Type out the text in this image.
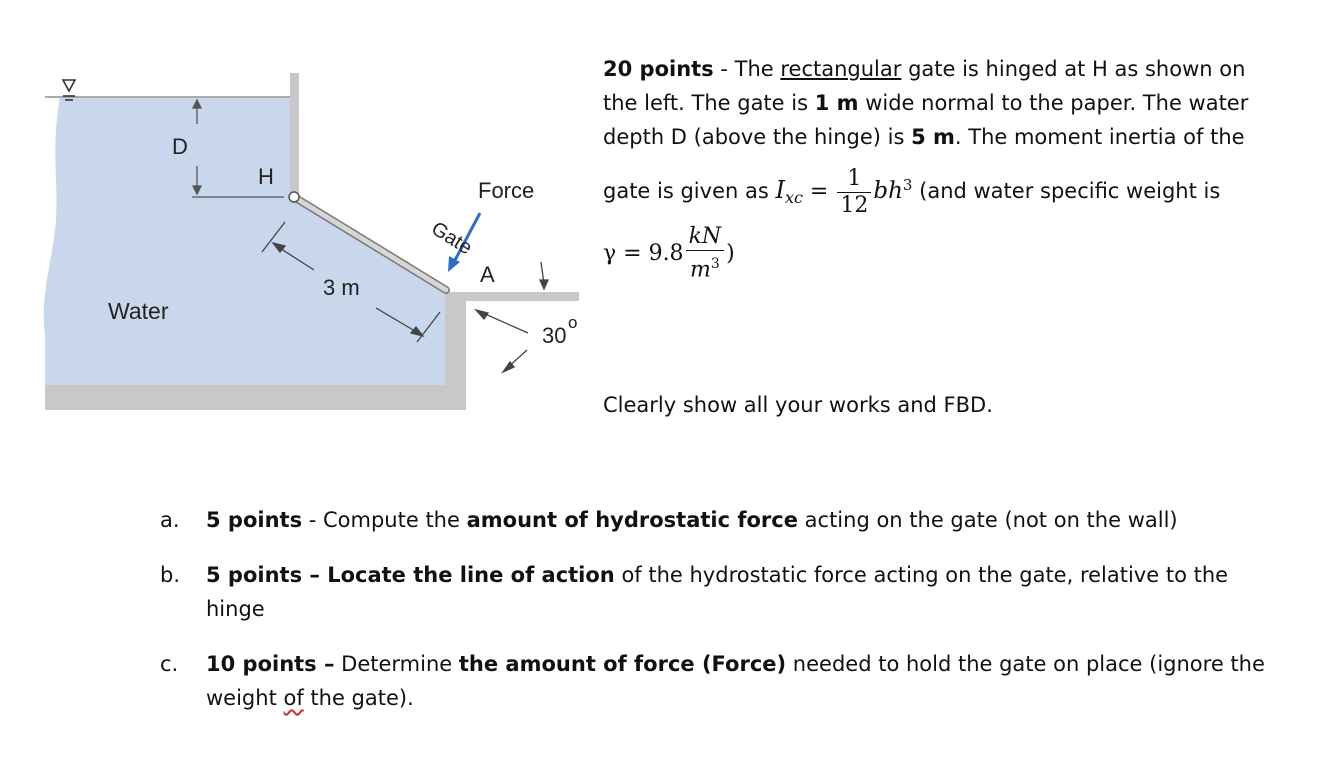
D
H
3 m
Force
Gate
A
30
o
Water
20 points - The rectangular gate is hinged at H as shown on
the left. The gate is 1 m wide normal to the paper. The water
depth D (above the hinge) is 5 m. The moment inertia of the
gate is given as $I_{xc} = \frac{1}{12} bh^3$ (and water specific weight is
$\gamma = 9.8 \frac{kN}{m^3}$ )
Clearly show all your works and FBD.
a.	5 points - Compute the amount of hydrostatic force acting on the gate (not on the wall)
b.	5 points – Locate the line of action of the hydrostatic force acting on the gate, relative to the
hinge
c.	10 points – Determine the amount of force (Force) needed to hold the gate on place (ignore the
weight of the gate).
